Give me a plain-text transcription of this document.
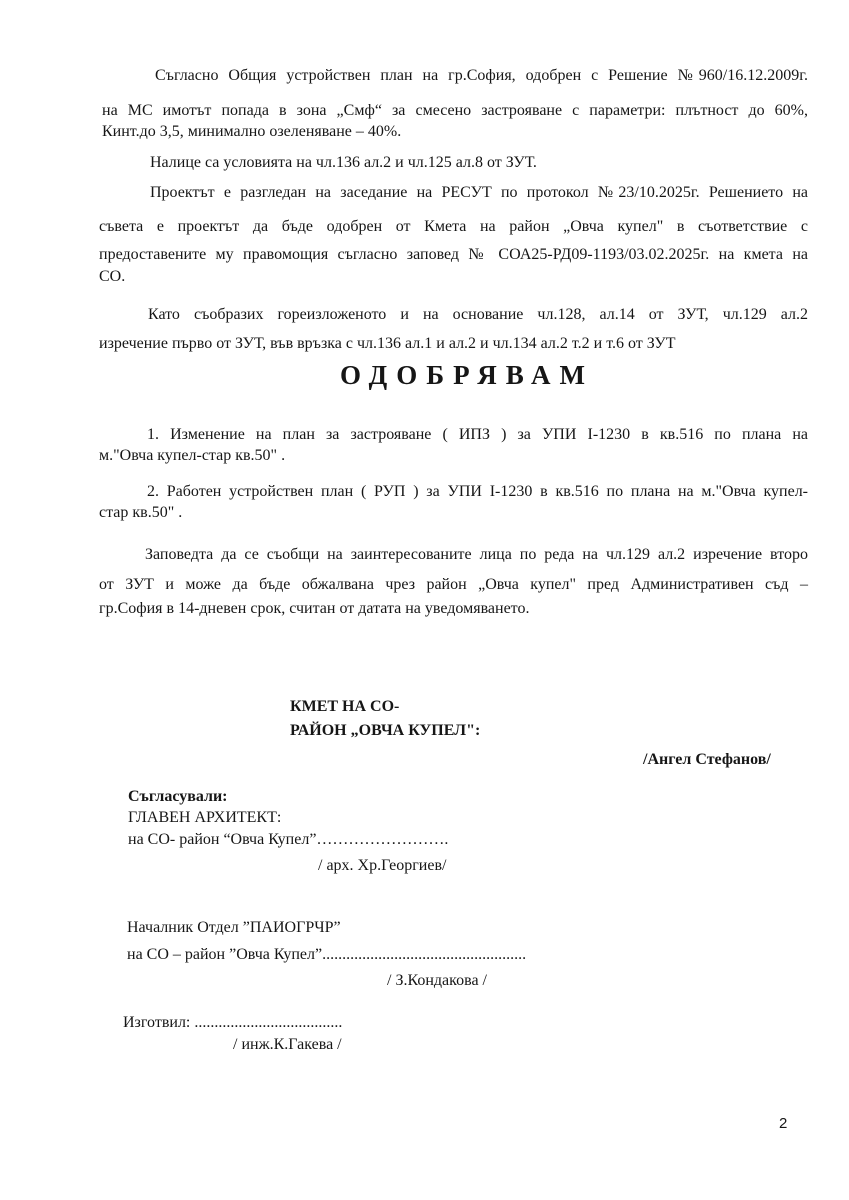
Съгласно Общия устройствен план на гр.София, одобрен с Решение №960/16.12.2009г.
на МС имотът попада в зона „Смф“ за смесено застрояване с параметри: плътност до 60%,
Кинт.до 3,5, минимално озеленяване – 40%.
Налице са условията на чл.136 ал.2 и чл.125 ал.8 от ЗУТ.
Проектът е разгледан на заседание на РЕСУТ по протокол №23/10.2025г. Решението на
съвета е проектът да бъде одобрен от Кмета на район „Овча купел" в съответствие с
предоставените му правомощия съгласно заповед № СОА25-РД09-1193/03.02.2025г. на кмета на
СО.
Като съобразих гореизложеното и на основание чл.128, ал.14 от ЗУТ, чл.129 ал.2
изречение първо от ЗУТ, във връзка с чл.136 ал.1 и ал.2 и чл.134 ал.2 т.2 и т.6 от ЗУТ
ОДОБРЯВАМ
1. Изменение на план за застрояване ( ИПЗ ) за УПИ I-1230 в кв.516 по плана на
м."Овча купел-стар кв.50" .
2. Работен устройствен план ( РУП ) за УПИ I-1230 в кв.516 по плана на м."Овча купел-
стар кв.50" .
Заповедта да се съобщи на заинтересованите лица по реда на чл.129 ал.2 изречение второ
от ЗУТ и може да бъде обжалвана чрез район „Овча купел" пред Административен съд –
гр.София в 14-дневен срок, считан от датата на уведомяването.
КМЕТ НА СО-
РАЙОН „ОВЧА КУПЕЛ":
/Ангел Стефанов/
Съгласували:
ГЛАВЕН АРХИТЕКТ:
на СО- район “Овча Купел”…………………….
/ арх. Хр.Георгиев/
Началник Отдел ”ПАИОГРЧР”
на СО – район ”Овча Купел”...................................................
/ З.Кондакова /
Изготвил: .....................................
/ инж.К.Гакева /
2
